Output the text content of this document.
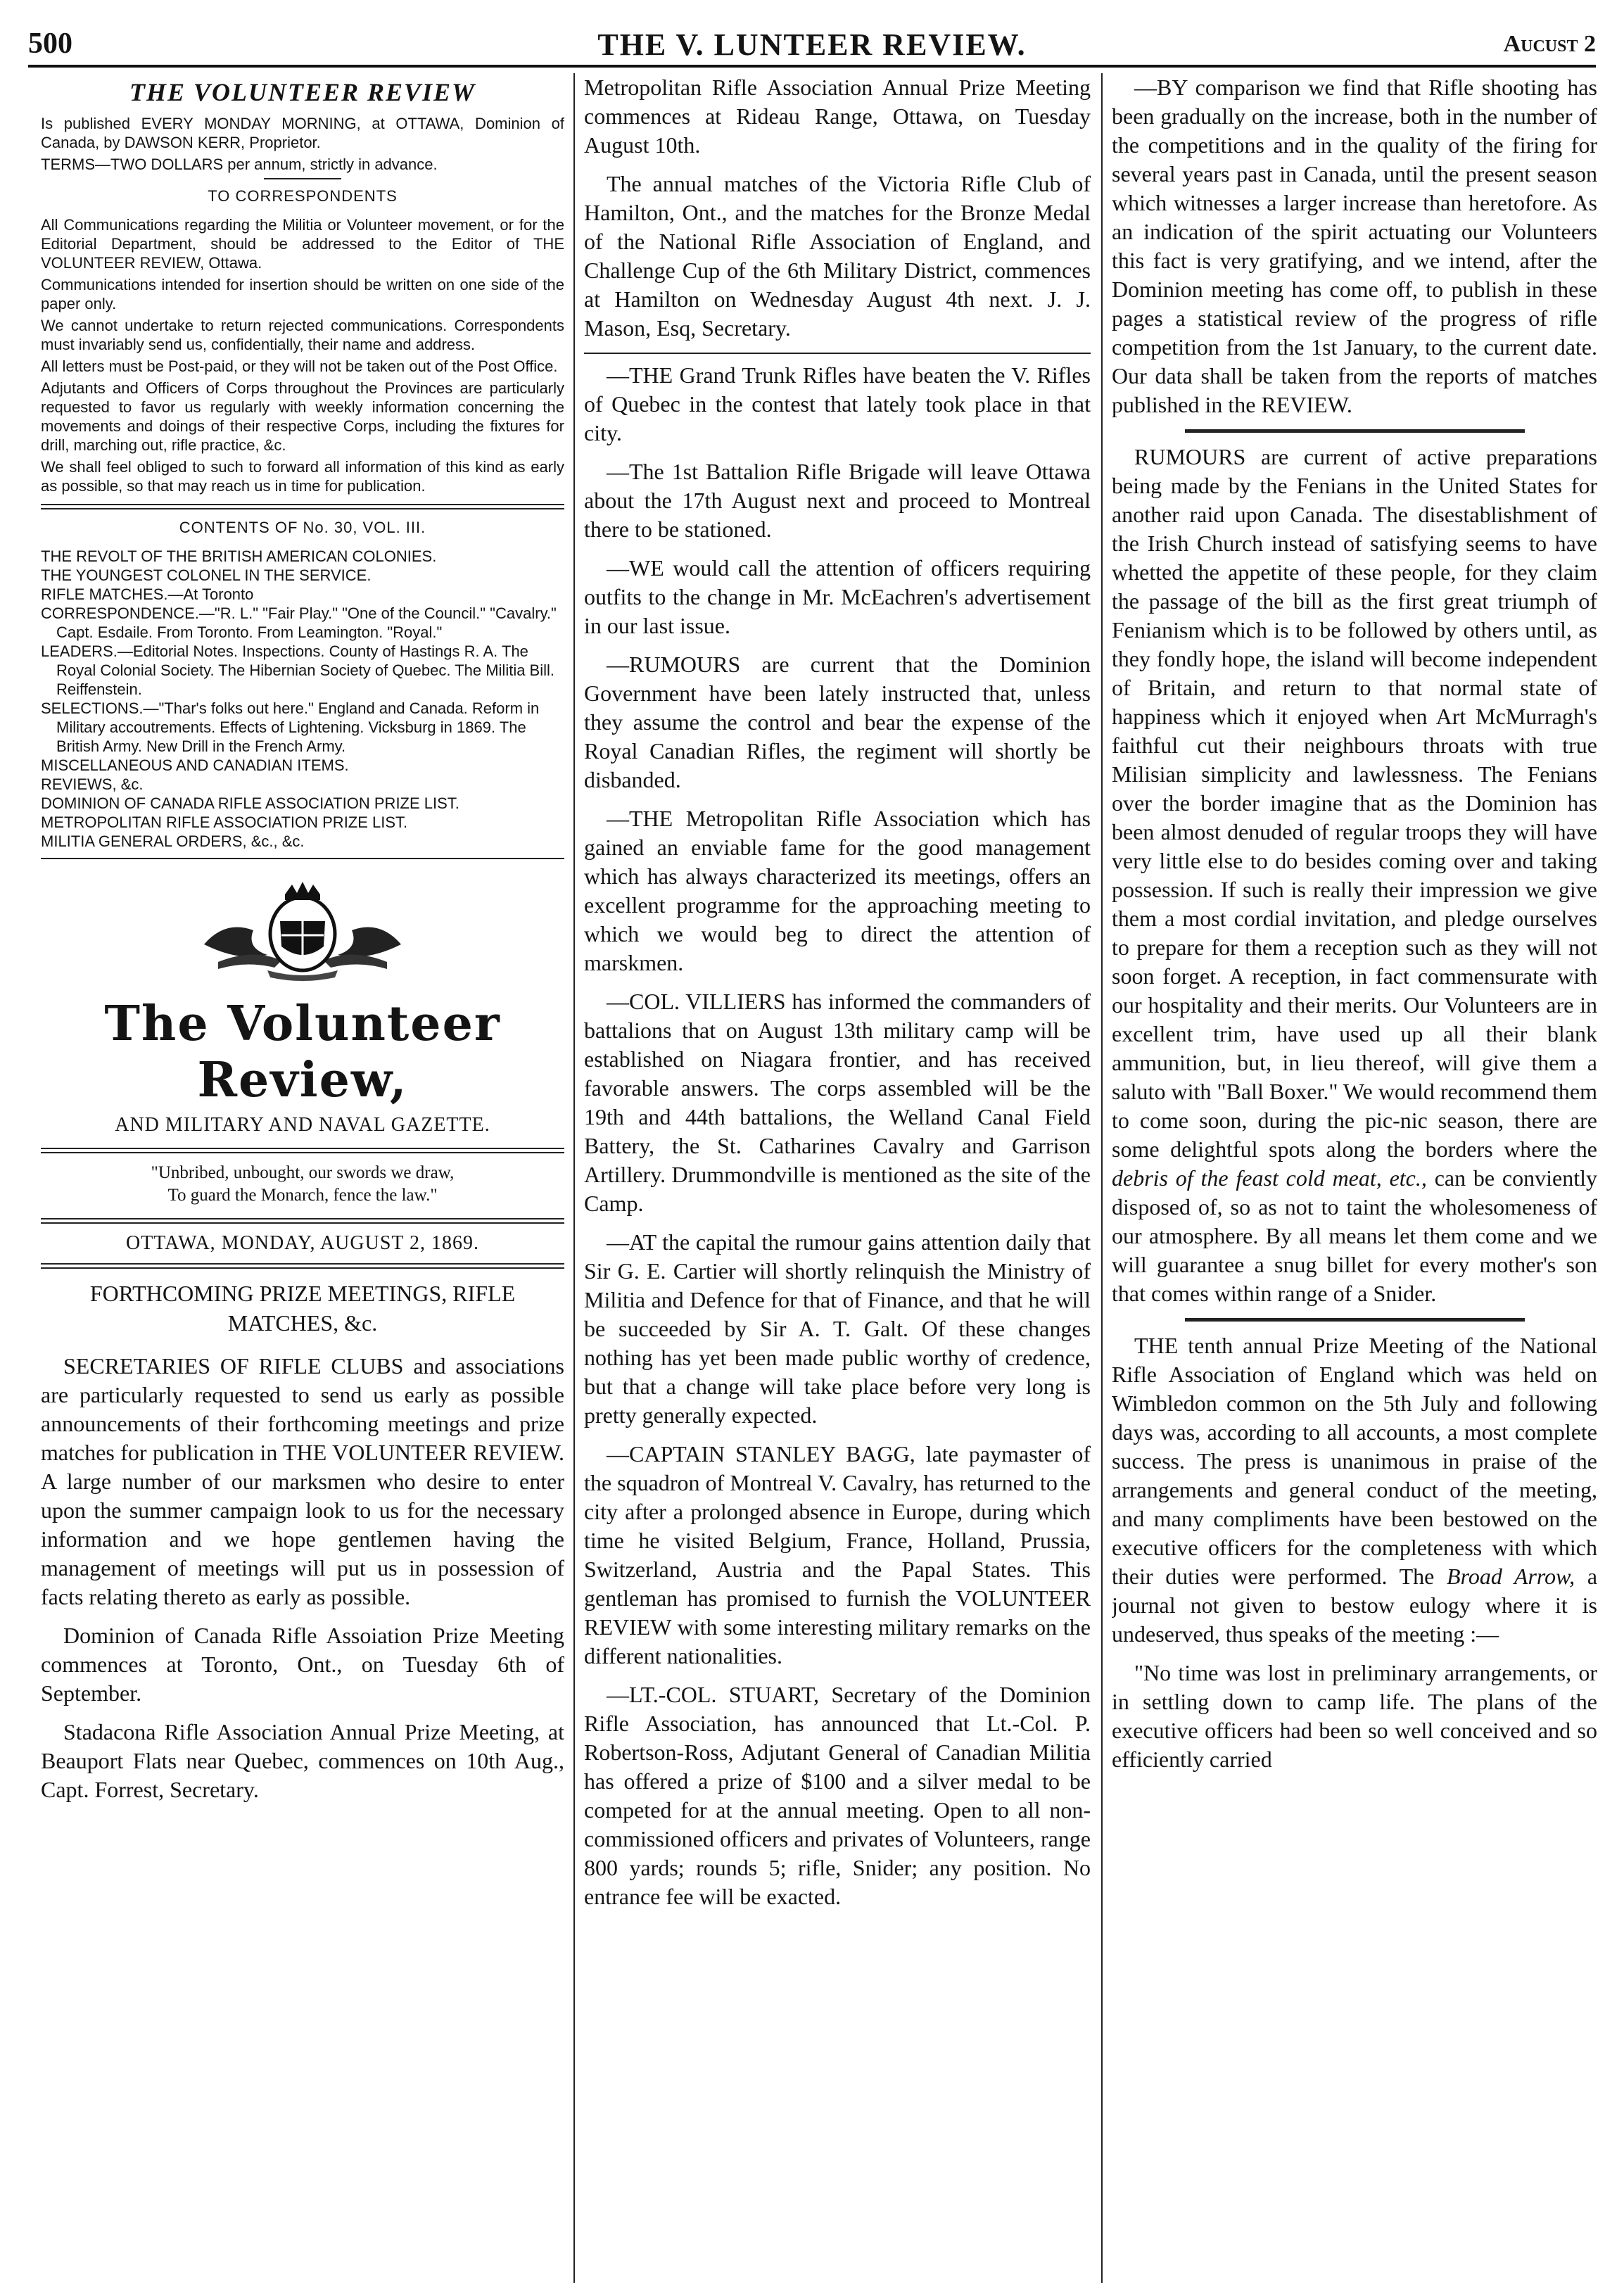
500	THE V. LUNTEER REVIEW.	Aucust 2
THE VOLUNTEER REVIEW

Is published EVERY MONDAY MORNING, at OTTAWA, Dominion of Canada, by DAWSON KERR, Proprietor.

TERMS—TWO DOLLARS per annum, strictly in advance.

TO CORRESPONDENTS

All Communications regarding the Militia or Volunteer movement, or for the Editorial Department, should be addressed to the Editor of THE VOLUNTEER REVIEW, Ottawa.

Communications intended for insertion should be written on one side of the paper only.

We cannot undertake to return rejected communications. Correspondents must invariably send us, confidentially, their name and address.

All letters must be Post-paid, or they will not be taken out of the Post Office.

Adjutants and Officers of Corps throughout the Provinces are particularly requested to favor us regularly with weekly information concerning the movements and doings of their respective Corps, including the fixtures for drill, marching out, rifle practice, &c.

We shall feel obliged to such to forward all information of this kind as early as possible, so that may reach us in time for publication.

CONTENTS OF No. 30, VOL. III.

THE REVOLT OF THE BRITISH AMERICAN COLONIES.

THE YOUNGEST COLONEL IN THE SERVICE.

RIFLE MATCHES.—At Toronto

CORRESPONDENCE.—"R. L." "Fair Play." "One of the Council." "Cavalry." Capt. Esdaile. From Toronto. From Leamington. "Royal."

LEADERS.—Editorial Notes. Inspections. County of Hastings R. A. The Royal Colonial Society. The Hibernian Society of Quebec. The Militia Bill. Reiffenstein.

SELECTIONS.—"Thar's folks out here." England and Canada. Reform in Military accoutrements. Effects of Lightening. Vicksburg in 1869. The British Army. New Drill in the French Army.

MISCELLANEOUS AND CANADIAN ITEMS.

REVIEWS, &c.

DOMINION OF CANADA RIFLE ASSOCIATION PRIZE LIST.

METROPOLITAN RIFLE ASSOCIATION PRIZE LIST.

MILITIA GENERAL ORDERS, &c., &c.

The Volunteer Review,
AND MILITARY AND NAVAL GAZETTE.
"Unbribed, unbought, our swords we draw,
To guard the Monarch, fence the law."
OTTAWA, MONDAY, AUGUST 2, 1869.
FORTHCOMING PRIZE MEETINGS, RIFLE
MATCHES, &c.

SECRETARIES OF RIFLE CLUBS and associations are particularly requested to send us early as possible announcements of their forthcoming meetings and prize matches for publication in THE VOLUNTEER REVIEW. A large number of our marksmen who desire to enter upon the summer campaign look to us for the necessary information and we hope gentlemen having the management of meetings will put us in possession of facts relating thereto as early as possible.

Dominion of Canada Rifle Assoiation Prize Meeting commences at Toronto, Ont., on Tuesday 6th of September.

Stadacona Rifle Association Annual Prize Meeting, at Beauport Flats near Quebec, commences on 10th Aug., Capt. Forrest, Secretary.

Metropolitan Rifle Association Annual Prize Meeting commences at Rideau Range, Ottawa, on Tuesday August 10th.

The annual matches of the Victoria Rifle Club of Hamilton, Ont., and the matches for the Bronze Medal of the National Rifle Association of England, and Challenge Cup of the 6th Military District, commences at Hamilton on Wednesday August 4th next. J. J. Mason, Esq, Secretary.

—THE Grand Trunk Rifles have beaten the V. Rifles of Quebec in the contest that lately took place in that city.

—The 1st Battalion Rifle Brigade will leave Ottawa about the 17th August next and proceed to Montreal there to be stationed.

—WE would call the attention of officers requiring outfits to the change in Mr. McEachren's advertisement in our last issue.

—RUMOURS are current that the Dominion Government have been lately instructed that, unless they assume the control and bear the expense of the Royal Canadian Rifles, the regiment will shortly be disbanded.

—THE Metropolitan Rifle Association which has gained an enviable fame for the good management which has always characterized its meetings, offers an excellent programme for the approaching meeting to which we would beg to direct the attention of marskmen.

—COL. VILLIERS has informed the commanders of battalions that on August 13th military camp will be established on Niagara frontier, and has received favorable answers. The corps assembled will be the 19th and 44th battalions, the Welland Canal Field Battery, the St. Catharines Cavalry and Garrison Artillery. Drummondville is mentioned as the site of the Camp.

—AT the capital the rumour gains attention daily that Sir G. E. Cartier will shortly relinquish the Ministry of Militia and Defence for that of Finance, and that he will be succeeded by Sir A. T. Galt. Of these changes nothing has yet been made public worthy of credence, but that a change will take place before very long is pretty generally expected.

—CAPTAIN STANLEY BAGG, late paymaster of the squadron of Montreal V. Cavalry, has returned to the city after a prolonged absence in Europe, during which time he visited Belgium, France, Holland, Prussia, Switzerland, Austria and the Papal States. This gentleman has promised to furnish the VOLUNTEER REVIEW with some interesting military remarks on the different nationalities.

—LT.-COL. STUART, Secretary of the Dominion Rifle Association, has announced that Lt.-Col. P. Robertson-Ross, Adjutant General of Canadian Militia has offered a prize of $100 and a silver medal to be competed for at the annual meeting. Open to all non-commissioned officers and privates of Volunteers, range 800 yards; rounds 5; rifle, Snider; any position. No entrance fee will be exacted.

—BY comparison we find that Rifle shooting has been gradually on the increase, both in the number of the competitions and in the quality of the firing for several years past in Canada, until the present season which witnesses a larger increase than heretofore. As an indication of the spirit actuating our Volunteers this fact is very gratifying, and we intend, after the Dominion meeting has come off, to publish in these pages a statistical review of the progress of rifle competition from the 1st January, to the current date. Our data shall be taken from the reports of matches published in the REVIEW.

RUMOURS are current of active preparations being made by the Fenians in the United States for another raid upon Canada. The disestablishment of the Irish Church instead of satisfying seems to have whetted the appetite of these people, for they claim the passage of the bill as the first great triumph of Fenianism which is to be followed by others until, as they fondly hope, the island will become independent of Britain, and return to that normal state of happiness which it enjoyed when Art McMurragh's faithful cut their neighbours throats with true Milisian simplicity and lawlessness. The Fenians over the border imagine that as the Dominion has been almost denuded of regular troops they will have very little else to do besides coming over and taking possession. If such is really their impression we give them a most cordial invitation, and pledge ourselves to prepare for them a reception such as they will not soon forget. A reception, in fact commensurate with our hospitality and their merits. Our Volunteers are in excellent trim, have used up all their blank ammunition, but, in lieu thereof, will give them a saluto with "Ball Boxer." We would recommend them to come soon, during the pic-nic season, there are some delightful spots along the borders where the debris of the feast cold meat, etc., can be conviently disposed of, so as not to taint the wholesomeness of our atmosphere. By all means let them come and we will guarantee a snug billet for every mother's son that comes within range of a Snider.

THE tenth annual Prize Meeting of the National Rifle Association of England which was held on Wimbledon common on the 5th July and following days was, according to all accounts, a most complete success. The press is unanimous in praise of the arrangements and general conduct of the meeting, and many compliments have been bestowed on the executive officers for the completeness with which their duties were performed. The Broad Arrow, a journal not given to bestow eulogy where it is undeserved, thus speaks of the meeting :—

"No time was lost in preliminary arrangements, or in settling down to camp life. The plans of the executive officers had been so well conceived and so efficiently carried
